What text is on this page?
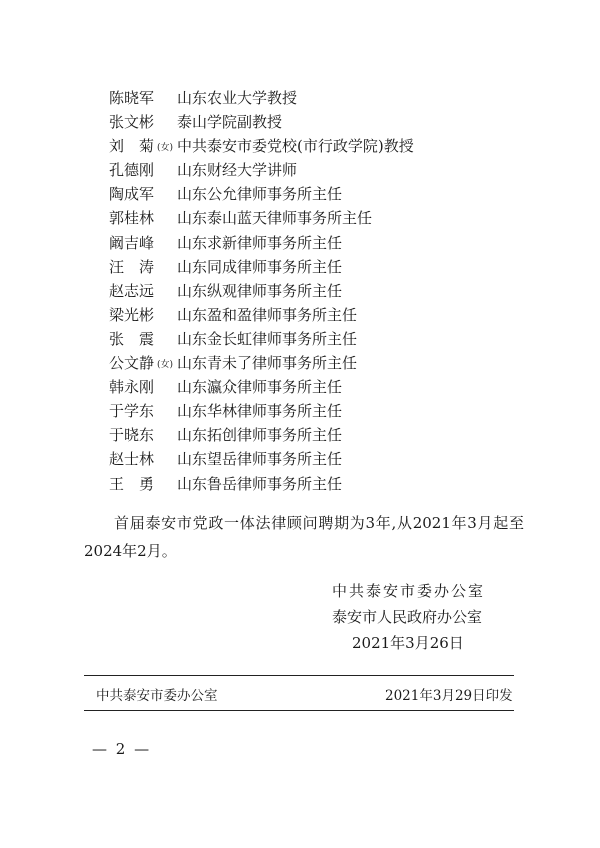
陈晓军	山东农业大学教授
张文彬	泰山学院副教授
刘　菊 (女) 中共泰安市委党校(市行政学院)教授
孔德刚	山东财经大学讲师
陶成军	山东公允律师事务所主任
郭桂林	山东泰山蓝天律师事务所主任
阚吉峰	山东求新律师事务所主任
汪　涛	山东同成律师事务所主任
赵志远	山东纵观律师事务所主任
梁光彬	山东盈和盈律师事务所主任
张　震	山东金长虹律师事务所主任
公文静 (女) 山东青未了律师事务所主任
韩永刚	山东瀛众律师事务所主任
于学东	山东华林律师事务所主任
于晓东	山东拓创律师事务所主任
赵士林	山东望岳律师事务所主任
王　勇	山东鲁岳律师事务所主任
首届泰安市党政一体法律顾问聘期为3年,从2021年3月起至2024年2月。
中共泰安市委办公室
泰安市人民政府办公室
2021年3月26日
中共泰安市委办公室	2021年3月29日印发
— 2 —
